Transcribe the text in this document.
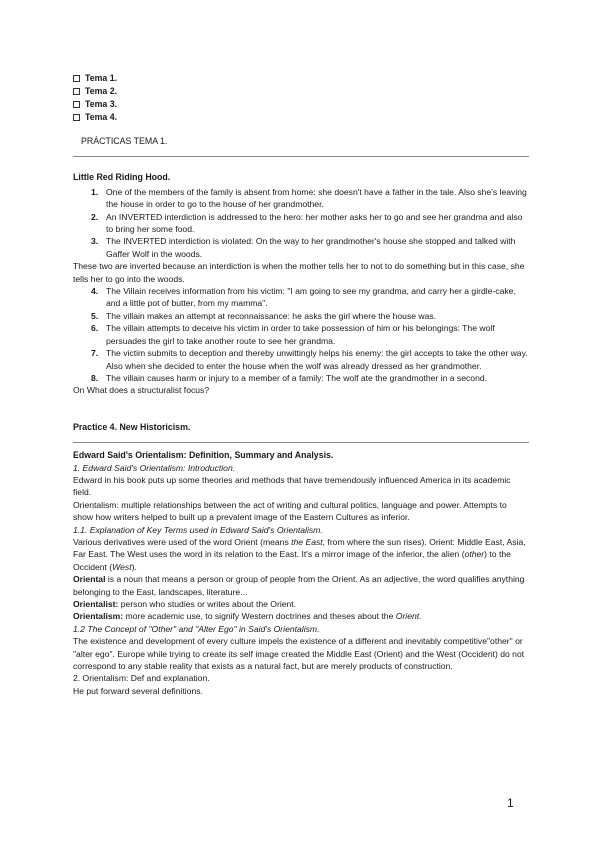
Tema 1.
Tema 2.
Tema 3.
Tema 4.
PRÁCTICAS TEMA 1.
Little Red Riding Hood.
1. One of the members of the family is absent from home: she doesn't have a father in the tale. Also she's leaving the house in order to go to the house of her grandmother.
2. An INVERTED interdiction is addressed to the hero: her mother asks her to go and see her grandma and also to bring her some food.
3. The INVERTED interdiction is violated: On the way to her grandmother's house she stopped and talked with Gaffer Wolf in the woods.

These two are inverted because an interdiction is when the mother tells her to not to do something but in this case, she tells her to go into the woods.

4. The Villain receives information from his victim: "I am going to see my grandma, and carry her a girdle-cake, and a little pot of butter, from my mamma".
5. The villain makes an attempt at reconnaissance: he asks the girl where the house was.
6. The villain attempts to deceive his victim in order to take possession of him or his belongings: The wolf persuades the girl to take another route to see her grandma.
7. The victim submits to deception and thereby unwittingly helps his enemy: the girl accepts to take the other way. Also when she decided to enter the house when the wolf was already dressed as her grandmother.
8. The villain causes harm or injury to a member of a family: The wolf ate the grandmother in a second.

On What does a structuralist focus?

Practice 4. New Historicism.
Edward Said's Orientalism: Definition, Summary and Analysis.

1. Edward Said's Orientalism: Introduction.

Edward in his book puts up some theories and methods that have tremendously influenced America in its academic field.

Orientalism: multiple relationships between the act of writing and cultural politics, language and power. Attempts to show how writers helped to built up a prevalent image of the Eastern Cultures as inferior.

1.1. Explanation of Key Terms used in Edward Said's Orientalism.

Various derivatives were used of the word Orient (means the East, from where the sun rises). Orient: Middle East, Asia, Far East. The West uses the word in its relation to the East. It's a mirror image of the inferior, the alien (other) to the Occident (West).

Oriental is a noun that means a person or group of people from the Orient. As an adjective, the word qualifies anything belonging to the East, landscapes, literature...

Orientalist: person who studies or writes about the Orient.

Orientalism: more academic use, to signify Western doctrines and theses about the Orient.

1.2 The Concept of "Other" and "Alter Ego" in Said's Orientalism.

The existence and development of every culture impels the existence of a different and inevitably competitive"other" or "alter ego". Europe while trying to create its self image created the Middle East (Orient) and the West (Occident) do not correspond to any stable reality that exists as a natural fact, but are merely products of construction.

2. Orientalism: Def and explanation.

He put forward several definitions.

1
